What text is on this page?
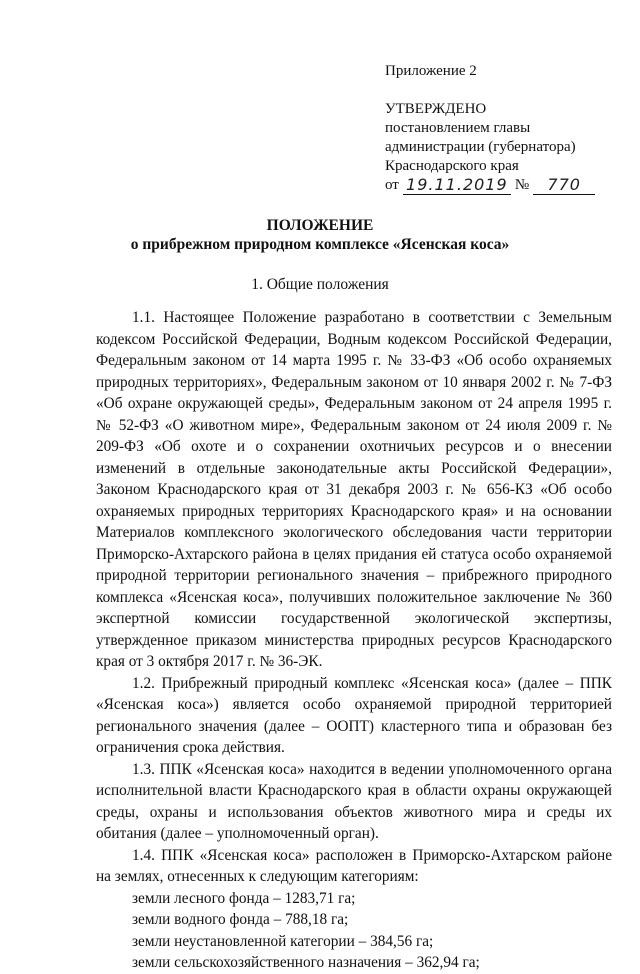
Приложение 2
УТВЕРЖДЕНО
постановлением главы
администрации (губернатора)
Краснодарского края
от 19.11.2019 №	770
ПОЛОЖЕНИЕ
о прибрежном природном комплексе «Ясенская коса»
1. Общие положения

1.1. Настоящее Положение разработано в соответствии с Земельным кодексом Российской Федерации, Водным кодексом Российской Федерации, Федеральным законом от 14 марта 1995 г. № 33-ФЗ «Об особо охраняемых природных территориях», Федеральным законом от 10 января 2002 г. № 7-ФЗ «Об охране окружающей среды», Федеральным законом от 24 апреля 1995 г. № 52-ФЗ «О животном мире», Федеральным законом от 24 июля 2009 г. № 209-ФЗ «Об охоте и о сохранении охотничьих ресурсов и о внесении изменений в отдельные законодательные акты Российской Федерации», Законом Краснодарского края от 31 декабря 2003 г. № 656-КЗ «Об особо охраняемых природных территориях Краснодарского края» и на основании Материалов комплексного экологического обследования части территории Приморско-Ахтарского района в целях придания ей статуса особо охраняемой природной территории регионального значения – прибрежного природного комплекса «Ясенская коса», получивших положительное заключение № 360 экспертной комиссии государственной экологической экспертизы, утвержденное приказом министерства природных ресурсов Краснодарского края от 3 октября 2017 г. № 36-ЭК.

1.2. Прибрежный природный комплекс «Ясенская коса» (далее – ППК «Ясенская коса») является особо охраняемой природной территорией регионального значения (далее – ООПТ) кластерного типа и образован без ограничения срока действия.

1.3. ППК «Ясенская коса» находится в ведении уполномоченного органа исполнительной власти Краснодарского края в области охраны окружающей среды, охраны и использования объектов животного мира и среды их обитания (далее – уполномоченный орган).

1.4. ППК «Ясенская коса» расположен в Приморско-Ахтарском районе на землях, отнесенных к следующим категориям:

земли лесного фонда – 1283,71 га;

земли водного фонда – 788,18 га;

земли неустановленной категории – 384,56 га;

земли сельскохозяйственного назначения – 362,94 га;
